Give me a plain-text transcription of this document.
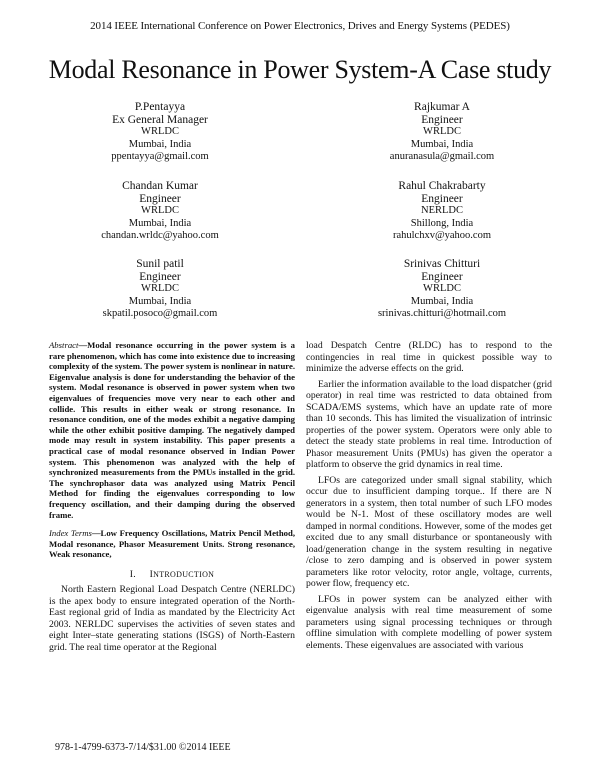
2014 IEEE International Conference on Power Electronics, Drives and Energy Systems (PEDES)
Modal Resonance in Power System-A Case study
P.Pentayya
Ex General Manager
WRLDC
Mumbai, India
ppentayya@gmail.com
Rajkumar A
Engineer
WRLDC
Mumbai, India
anuranasula@gmail.com
Chandan Kumar
Engineer
WRLDC
Mumbai, India
chandan.wrldc@yahoo.com
Rahul Chakrabarty
Engineer
NERLDC
Shillong, India
rahulchxv@yahoo.com
Sunil patil
Engineer
WRLDC
Mumbai, India
skpatil.posoco@gmail.com
Srinivas Chitturi
Engineer
WRLDC
Mumbai, India
srinivas.chitturi@hotmail.com

Abstract—Modal resonance occurring in the power system is a rare phenomenon, which has come into existence due to increasing complexity of the system. The power system is nonlinear in nature. Eigenvalue analysis is done for understanding the behavior of the system. Modal resonance is observed in power system when two eigenvalues of frequencies move very near to each other and collide. This results in either weak or strong resonance. In resonance condition, one of the modes exhibit a negative damping while the other exhibit positive damping. The negatively damped mode may result in system instability. This paper presents a practical case of modal resonance observed in Indian Power system. This phenomenon was analyzed with the help of synchronized measurements from the PMUs installed in the grid. The synchrophasor data was analyzed using Matrix Pencil Method for finding the eigenvalues corresponding to low frequency oscillation, and their damping during the observed frame.

Index Terms—Low Frequency Oscillations, Matrix Pencil Method, Modal resonance, Phasor Measurement Units. Strong resonance, Weak resonance,

I. INTRODUCTION

North Eastern Regional Load Despatch Centre (NERLDC) is the apex body to ensure integrated operation of the North-East regional grid of India as mandated by the Electricity Act 2003. NERLDC supervises the activities of seven states and eight Inter–state generating stations (ISGS) of North-Eastern grid. The real time operator at the Regional

load Despatch Centre (RLDC) has to respond to the contingencies in real time in quickest possible way to minimize the adverse effects on the grid.

Earlier the information available to the load dispatcher (grid operator) in real time was restricted to data obtained from SCADA/EMS systems, which have an update rate of more than 10 seconds. This has limited the visualization of intrinsic properties of the power system. Operators were only able to detect the steady state problems in real time. Introduction of Phasor measurement Units (PMUs) has given the operator a platform to observe the grid dynamics in real time.

LFOs are categorized under small signal stability, which occur due to insufficient damping torque.. If there are N generators in a system, then total number of such LFO modes would be N-1. Most of these oscillatory modes are well damped in normal conditions. However, some of the modes get excited due to any small disturbance or spontaneously with load/generation change in the system resulting in negative /close to zero damping and is observed in power system parameters like rotor velocity, rotor angle, voltage, currents, power flow, frequency etc.

LFOs in power system can be analyzed either with eigenvalue analysis with real time measurement of some parameters using signal processing techniques or through offline simulation with complete modelling of power system elements. These eigenvalues are associated with various

978-1-4799-6373-7/14/$31.00 ©2014 IEEE
